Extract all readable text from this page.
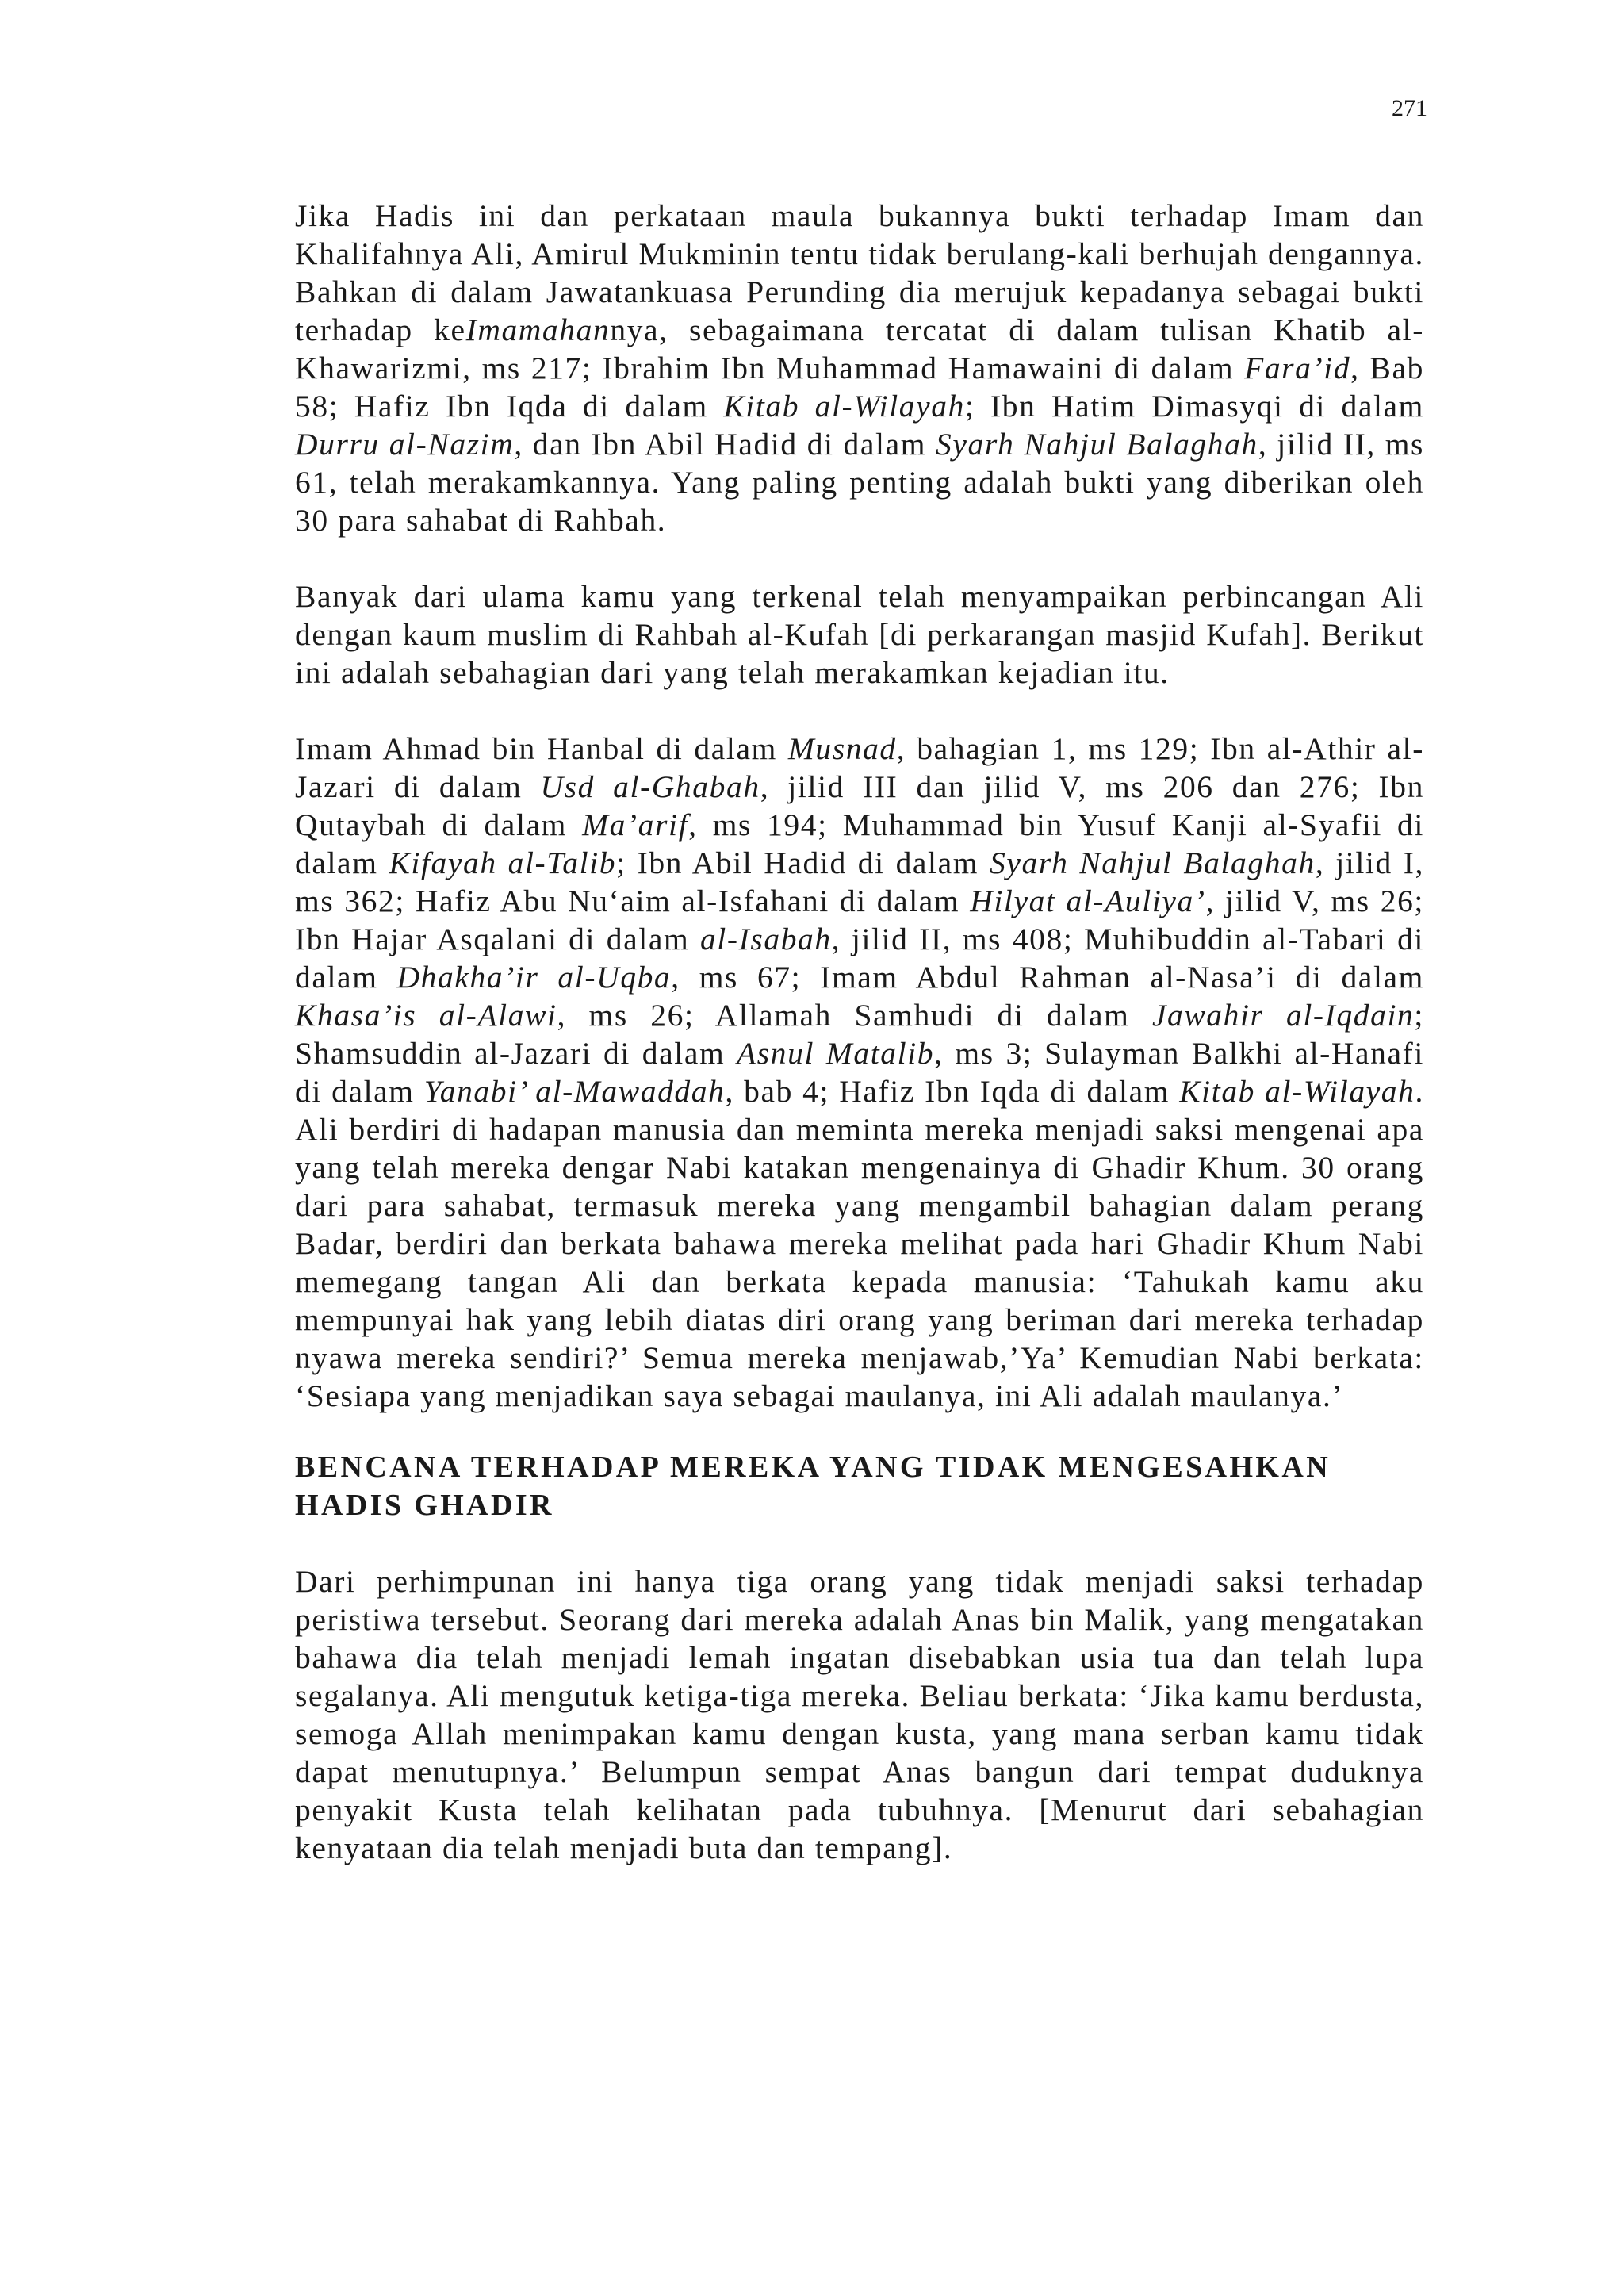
271

Jika Hadis ini dan perkataan maula bukannya bukti terhadap Imam dan Khalifahnya Ali, Amirul Mukminin tentu tidak berulang-kali berhujah dengannya. Bahkan di dalam Jawatankuasa Perunding dia merujuk kepadanya sebagai bukti terhadap keImamahannya, sebagaimana tercatat di dalam tulisan Khatib al-Khawarizmi, ms 217; Ibrahim Ibn Muhammad Hamawaini di dalam Fara’id, Bab 58; Hafiz Ibn Iqda di dalam Kitab al-Wilayah; Ibn Hatim Dimasyqi di dalam Durru al-Nazim, dan Ibn Abil Hadid di dalam Syarh Nahjul Balaghah, jilid II, ms 61, telah merakamkannya. Yang paling penting adalah bukti yang diberikan oleh 30 para sahabat di Rahbah.

Banyak dari ulama kamu yang terkenal telah menyampaikan perbincangan Ali dengan kaum muslim di Rahbah al-Kufah [di perkarangan masjid Kufah]. Berikut ini adalah sebahagian dari yang telah merakamkan kejadian itu.

Imam Ahmad bin Hanbal di dalam Musnad, bahagian 1, ms 129; Ibn al-Athir al-Jazari di dalam Usd al-Ghabah, jilid III dan jilid V, ms 206 dan 276; Ibn Qutaybah di dalam Ma’arif, ms 194; Muhammad bin Yusuf Kanji al-Syafii di dalam Kifayah al-Talib; Ibn Abil Hadid di dalam Syarh Nahjul Balaghah, jilid I, ms 362; Hafiz Abu Nu‘aim al-Isfahani di dalam Hilyat al-Auliya’, jilid V, ms 26; Ibn Hajar Asqalani di dalam al-Isabah, jilid II, ms 408; Muhibuddin al-Tabari di dalam Dhakha’ir al-Uqba, ms 67; Imam Abdul Rahman al-Nasa’i di dalam Khasa’is al-Alawi, ms 26; Allamah Samhudi di dalam Jawahir al-Iqdain; Shamsuddin al-Jazari di dalam Asnul Matalib, ms 3; Sulayman Balkhi al-Hanafi di dalam Yanabi’ al-Mawaddah, bab 4; Hafiz Ibn Iqda di dalam Kitab al-Wilayah. Ali berdiri di hadapan manusia dan meminta mereka menjadi saksi mengenai apa yang telah mereka dengar Nabi katakan mengenainya di Ghadir Khum. 30 orang dari para sahabat, termasuk mereka yang mengambil bahagian dalam perang Badar, berdiri dan berkata bahawa mereka melihat pada hari Ghadir Khum Nabi memegang tangan Ali dan berkata kepada manusia: ‘Tahukah kamu aku mempunyai hak yang lebih diatas diri orang yang beriman dari mereka terhadap nyawa mereka sendiri?’ Semua mereka menjawab,’Ya’ Kemudian Nabi berkata: ‘Sesiapa yang menjadikan saya sebagai maulanya, ini Ali adalah maulanya.’

BENCANA TERHADAP MEREKA YANG TIDAK MENGESAHKAN HADIS GHADIR

Dari perhimpunan ini hanya tiga orang yang tidak menjadi saksi terhadap peristiwa tersebut. Seorang dari mereka adalah Anas bin Malik, yang mengatakan bahawa dia telah menjadi lemah ingatan disebabkan usia tua dan telah lupa segalanya. Ali mengutuk ketiga-tiga mereka. Beliau berkata: ‘Jika kamu berdusta, semoga Allah menimpakan kamu dengan kusta, yang mana serban kamu tidak dapat menutupnya.’ Belumpun sempat Anas bangun dari tempat duduknya penyakit Kusta telah kelihatan pada tubuhnya. [Menurut dari sebahagian kenyataan dia telah menjadi buta dan tempang].
